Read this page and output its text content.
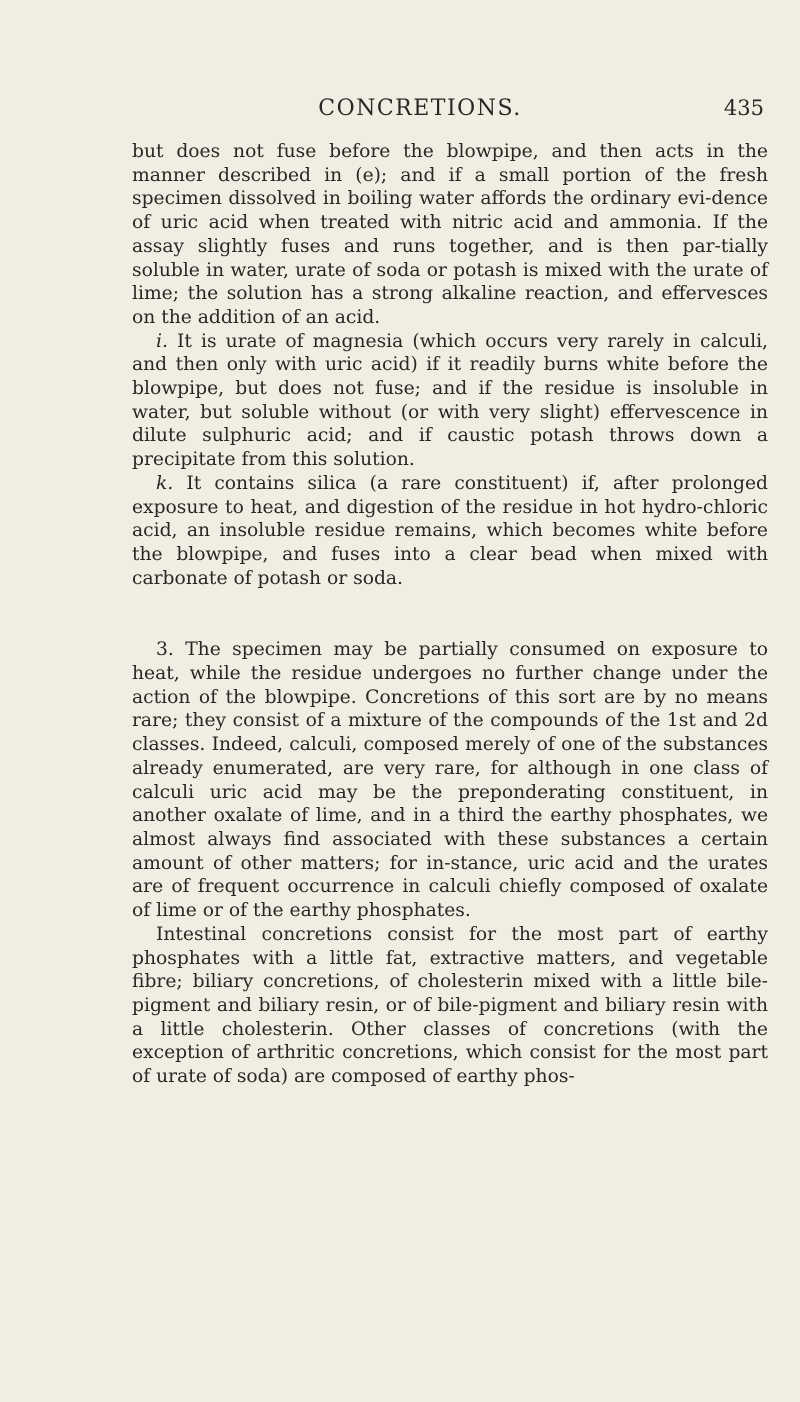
CONCRETIONS.	435

but does not fuse before the blowpipe, and then acts in the manner described in (e); and if a small portion of the fresh specimen dissolved in boiling water affords the ordinary evi-dence of uric acid when treated with nitric acid and ammonia. If the assay slightly fuses and runs together, and is then par-tially soluble in water, urate of soda or potash is mixed with the urate of lime; the solution has a strong alkaline reaction, and effervesces on the addition of an acid.

i. It is urate of magnesia (which occurs very rarely in calculi, and then only with uric acid) if it readily burns white before the blowpipe, but does not fuse; and if the residue is insoluble in water, but soluble without (or with very slight) effervescence in dilute sulphuric acid; and if caustic potash throws down a precipitate from this solution.

k. It contains silica (a rare constituent) if, after prolonged exposure to heat, and digestion of the residue in hot hydro-chloric acid, an insoluble residue remains, which becomes white before the blowpipe, and fuses into a clear bead when mixed with carbonate of potash or soda.

3. The specimen may be partially consumed on exposure to heat, while the residue undergoes no further change under the action of the blowpipe. Concretions of this sort are by no means rare; they consist of a mixture of the compounds of the 1st and 2d classes. Indeed, calculi, composed merely of one of the substances already enumerated, are very rare, for although in one class of calculi uric acid may be the preponderating constituent, in another oxalate of lime, and in a third the earthy phosphates, we almost always find associated with these substances a certain amount of other matters; for in-stance, uric acid and the urates are of frequent occurrence in calculi chiefly composed of oxalate of lime or of the earthy phosphates.

Intestinal concretions consist for the most part of earthy phosphates with a little fat, extractive matters, and vegetable fibre; biliary concretions, of cholesterin mixed with a little bile-pigment and biliary resin, or of bile-pigment and biliary resin with a little cholesterin. Other classes of concretions (with the exception of arthritic concretions, which consist for the most part of urate of soda) are composed of earthy phos-
